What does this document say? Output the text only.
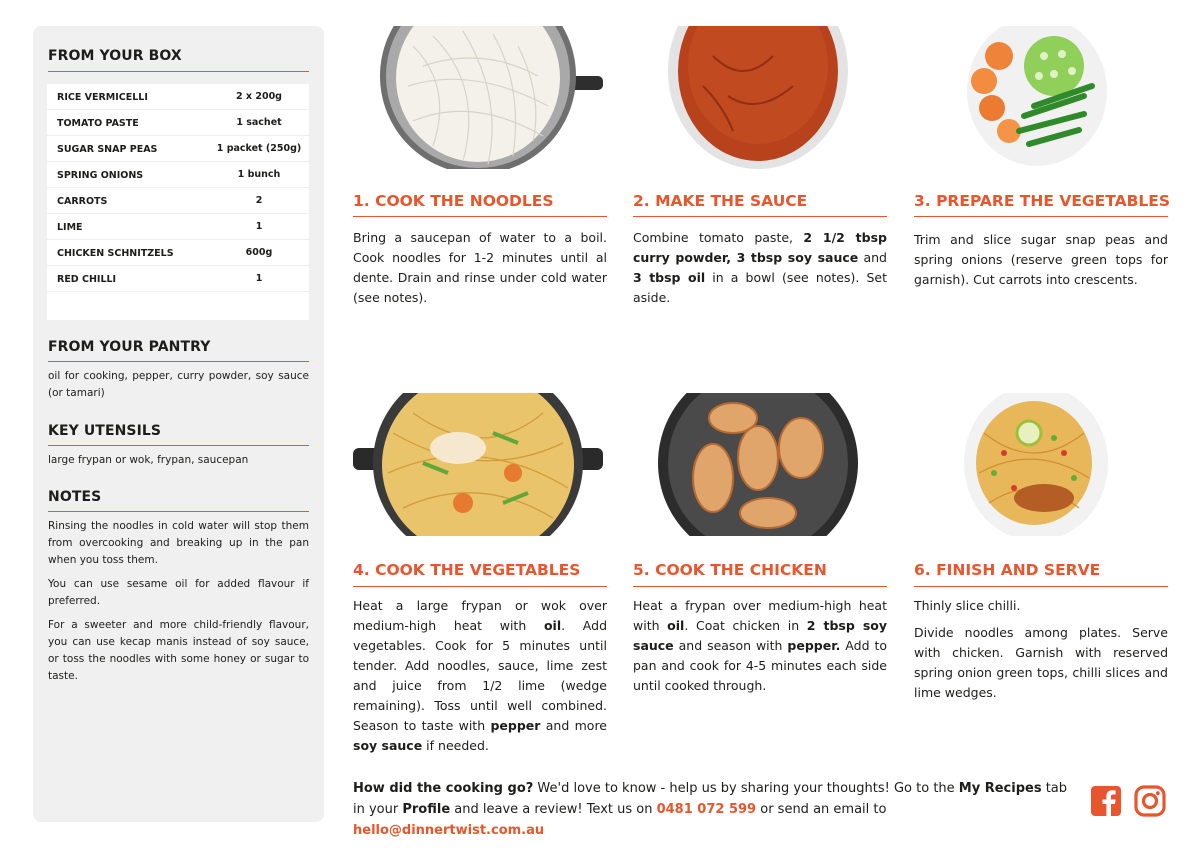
FROM YOUR BOX
RICE VERMICELLI	2 x 200g
TOMATO PASTE	1 sachet
SUGAR SNAP PEAS	1 packet (250g)
SPRING ONIONS	1 bunch
CARROTS	2
LIME	1
CHICKEN SCHNITZELS	600g
RED CHILLI	1
FROM YOUR PANTRY
oil for cooking, pepper, curry powder, soy sauce (or tamari)
KEY UTENSILS
large frypan or wok, frypan, saucepan
NOTES
Rinsing the noodles in cold water will stop them from overcooking and breaking up in the pan when you toss them.
You can use sesame oil for added flavour if preferred.
For a sweeter and more child-friendly flavour, you can use kecap manis instead of soy sauce, or toss the noodles with some honey or sugar to taste.
1. COOK THE NOODLES

Bring a saucepan of water to a boil. Cook noodles for 1-2 minutes until al dente. Drain and rinse under cold water (see notes).

2. MAKE THE SAUCE

Combine tomato paste, 2 1/2 tbsp curry powder, 3 tbsp soy sauce and 3 tbsp oil in a bowl (see notes). Set aside.

3. PREPARE THE VEGETABLES

Trim and slice sugar snap peas and spring onions (reserve green tops for garnish). Cut carrots into crescents.

4. COOK THE VEGETABLES

Heat a large frypan or wok over medium-high heat with oil. Add vegetables. Cook for 5 minutes until tender. Add noodles, sauce, lime zest and juice from 1/2 lime (wedge remaining). Toss until well combined. Season to taste with pepper and more soy sauce if needed.

5. COOK THE CHICKEN

Heat a frypan over medium-high heat with oil. Coat chicken in 2 tbsp soy sauce and season with pepper. Add to pan and cook for 4-5 minutes each side until cooked through.

6. FINISH AND SERVE

Thinly slice chilli.

Divide noodles among plates. Serve with chicken. Garnish with reserved spring onion green tops, chilli slices and lime wedges.

How did the cooking go? We'd love to know - help us by sharing your thoughts! Go to the My Recipes tab in your Profile and leave a review! Text us on 0481 072 599 or send an email to hello@dinnertwist.com.au
